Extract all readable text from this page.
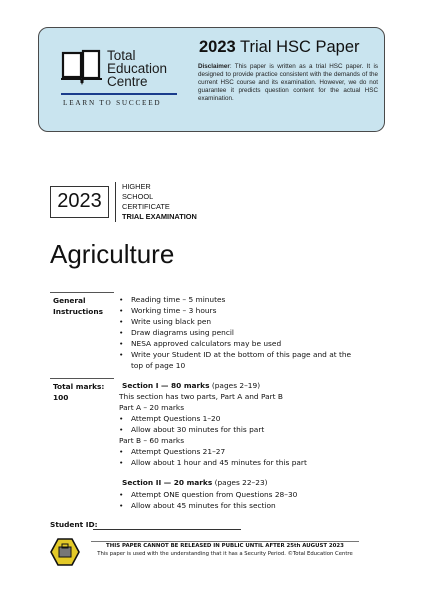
Total
Education
Centre
LEARN TO SUCCEED
2023 Trial HSC Paper
Disclaimer: This paper is written as a trial HSC paper. It is designed to provide practice consistent with the demands of the current HSC course and its examination. However, we do not guarantee it predicts question content for the actual HSC examination.
2023
HIGHER
SCHOOL
CERTIFICATE
TRIAL EXAMINATION
Agriculture
General
Instructions
• Reading time – 5 minutes
• Working time – 3 hours
• Write using black pen
• Draw diagrams using pencil
• NESA approved calculators may be used
• Write your Student ID at the bottom of this page and at the
top of page 10
Total marks:
100
Section I — 80 marks (pages 2–19)
This section has two parts, Part A and Part B
Part A – 20 marks
• Attempt Questions 1–20
• Allow about 30 minutes for this part
Part B – 60 marks
• Attempt Questions 21–27
• Allow about 1 hour and 45 minutes for this part
Section II — 20 marks (pages 22–23)
• Attempt ONE question from Questions 28–30
• Allow about 45 minutes for this section
Student ID:
THIS PAPER CANNOT BE RELEASED IN PUBLIC UNTIL AFTER 25th AUGUST 2023
This paper is used with the understanding that it has a Security Period. ©Total Education Centre
